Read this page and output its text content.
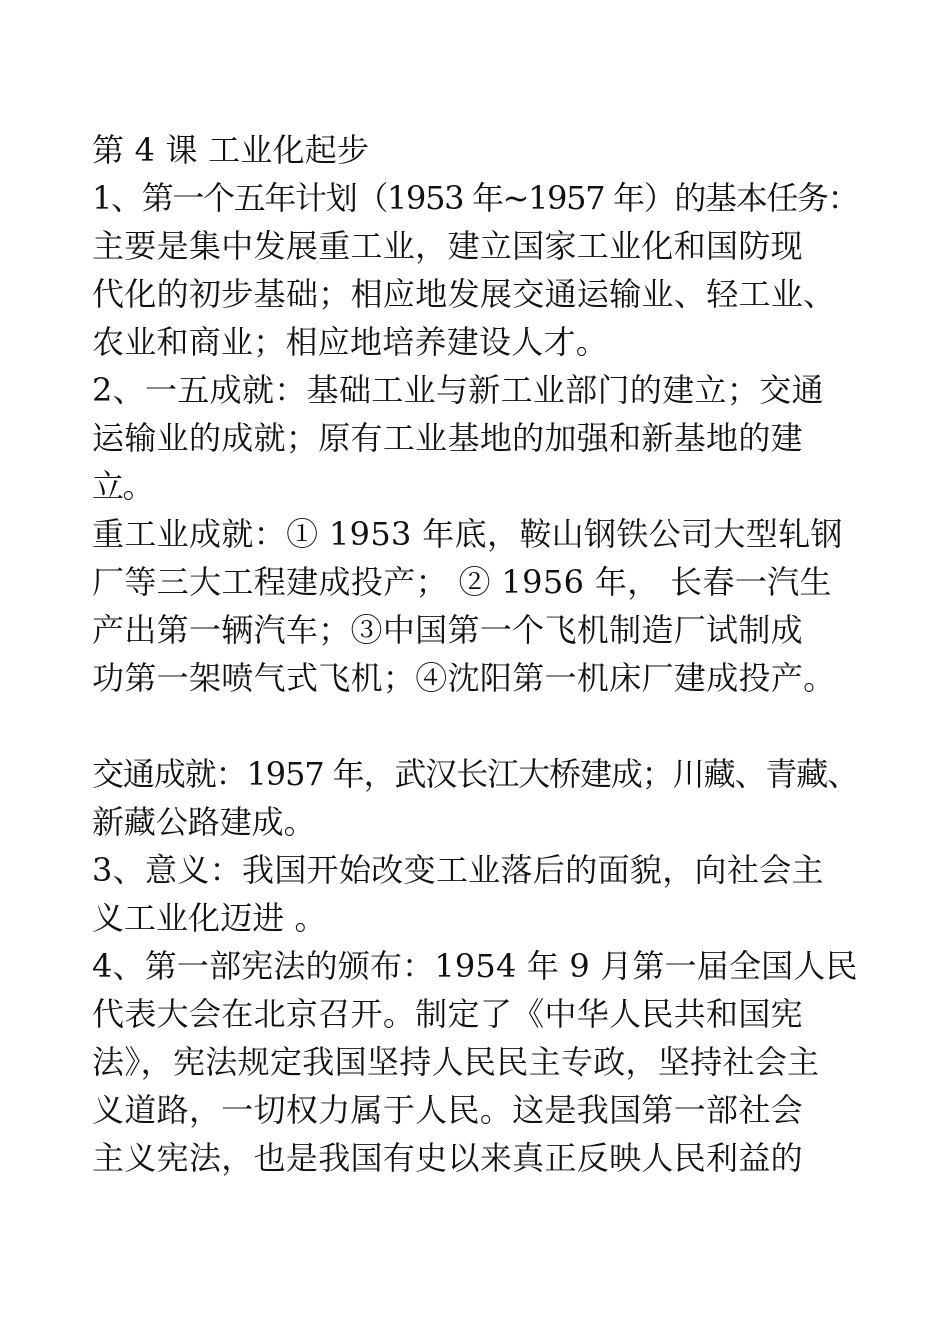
第 4 课 工业化起步
1、第一个五年计划（1953 年~1957 年）的基本任务：
主要是集中发展重工业，建立国家工业化和国防现
代化的初步基础；相应地发展交通运输业、轻工业、
农业和商业；相应地培养建设人才。
2、一五成就：基础工业与新工业部门的建立；交通
运输业的成就；原有工业基地的加强和新基地的建
立。
重工业成就：① 1953 年底，鞍山钢铁公司大型轧钢
厂等三大工程建成投产； ② 1956 年， 长春一汽生
产出第一辆汽车；③中国第一个飞机制造厂试制成
功第一架喷气式飞机；④沈阳第一机床厂建成投产。
交通成就：1957 年，武汉长江大桥建成；川藏、青藏、
新藏公路建成。
3、意义：我国开始改变工业落后的面貌，向社会主
义工业化迈进 。
4、第一部宪法的颁布：1954 年 9 月第一届全国人民
代表大会在北京召开。制定了《中华人民共和国宪
法》，宪法规定我国坚持人民民主专政，坚持社会主
义道路，一切权力属于人民。这是我国第一部社会
主义宪法，也是我国有史以来真正反映人民利益的
